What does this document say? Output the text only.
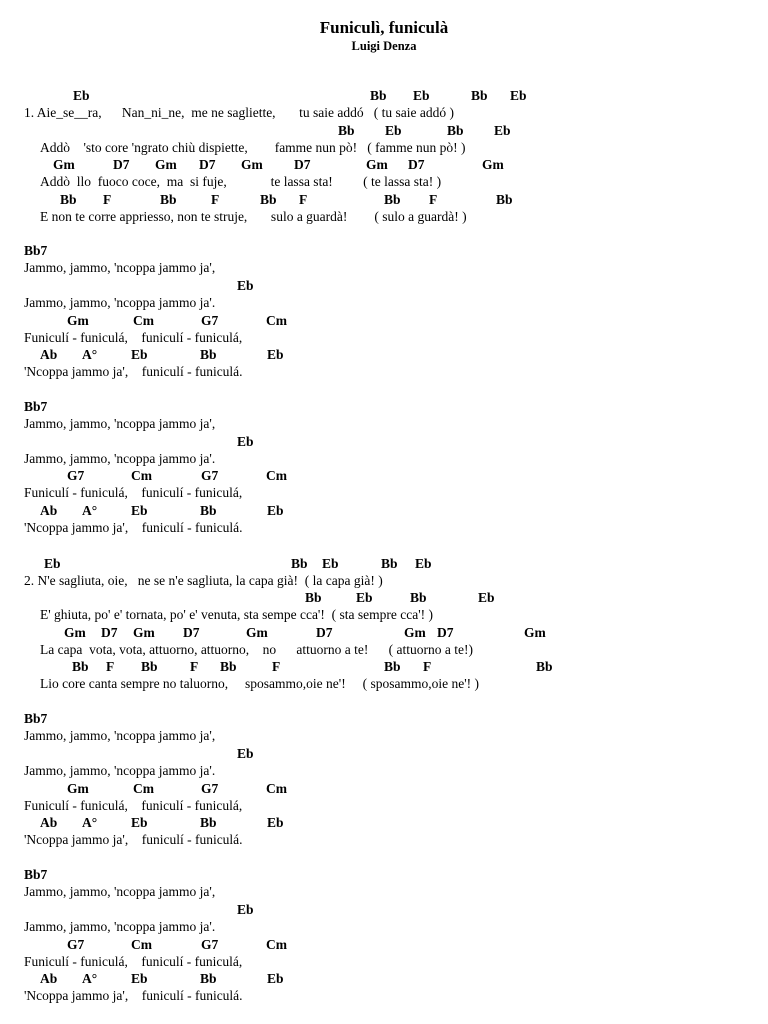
Funiculì, funiculà
Luigi Denza
Eb	Bb Eb	Bb Eb
1. Aie_se__ra,      Nan_ni_ne,  me ne sagliette,       tu saie addó   ( tu saie addó )
Bb Eb	Bb Eb
Addò    'sto core 'ngrato chiù dispiette,        famme nun pò!   ( famme nun pò! )
Gm	D7 Gm D7 Gm D7	Gm D7	Gm
Addò  llo  fuoco coce,  ma  si fuje,             te lassa sta!         ( te lassa sta! )
Bb F	Bb	F	Bb F	Bb F	Bb
E non te corre appriesso, non te struje,       sulo a guardà!        ( sulo a guardà! )
Bb7
Jammo, jammo, 'ncoppa jammo ja',
Eb
Jammo, jammo, 'ncoppa jammo ja'.
Gm	Cm	G7	Cm
Funiculí - funiculá,    funiculí - funiculá,
Ab A°	Eb	Bb	Eb
'Ncoppa jammo ja',    funiculí - funiculá.
Bb7
Jammo, jammo, 'ncoppa jammo ja',
Eb
Jammo, jammo, 'ncoppa jammo ja'.
G7	Cm	G7	Cm
Funiculí - funiculá,    funiculí - funiculá,
Ab A°	Eb	Bb	Eb
'Ncoppa jammo ja',    funiculí - funiculá.
Eb	Bb Eb	Bb Eb
2. N'e sagliuta, oie,   ne se n'e sagliuta, la capa già!  ( la capa già! )
Bb	Eb	Bb	Eb
E' ghiuta, po' e' tornata, po' e' venuta, sta sempe cca'!  ( sta sempre cca'! )
Gm D7 Gm D7	Gm	D7	Gm D7	Gm
La capa  vota, vota, attuorno, attuorno,    no      attuorno a te!      ( attuorno a te!)
Bb F Bb F Bb	F	Bb F	Bb
Lio core canta sempre no taluorno,     sposammo,oie ne'!     ( sposammo,oie ne'! )
Bb7
Jammo, jammo, 'ncoppa jammo ja',
Eb
Jammo, jammo, 'ncoppa jammo ja'.
Gm	Cm	G7	Cm
Funiculí - funiculá,    funiculí - funiculá,
Ab A°	Eb	Bb	Eb
'Ncoppa jammo ja',    funiculí - funiculá.
Bb7
Jammo, jammo, 'ncoppa jammo ja',
Eb
Jammo, jammo, 'ncoppa jammo ja'.
G7	Cm	G7	Cm
Funiculí - funiculá,    funiculí - funiculá,
Ab A°	Eb	Bb	Eb
'Ncoppa jammo ja',    funiculí - funiculá.
